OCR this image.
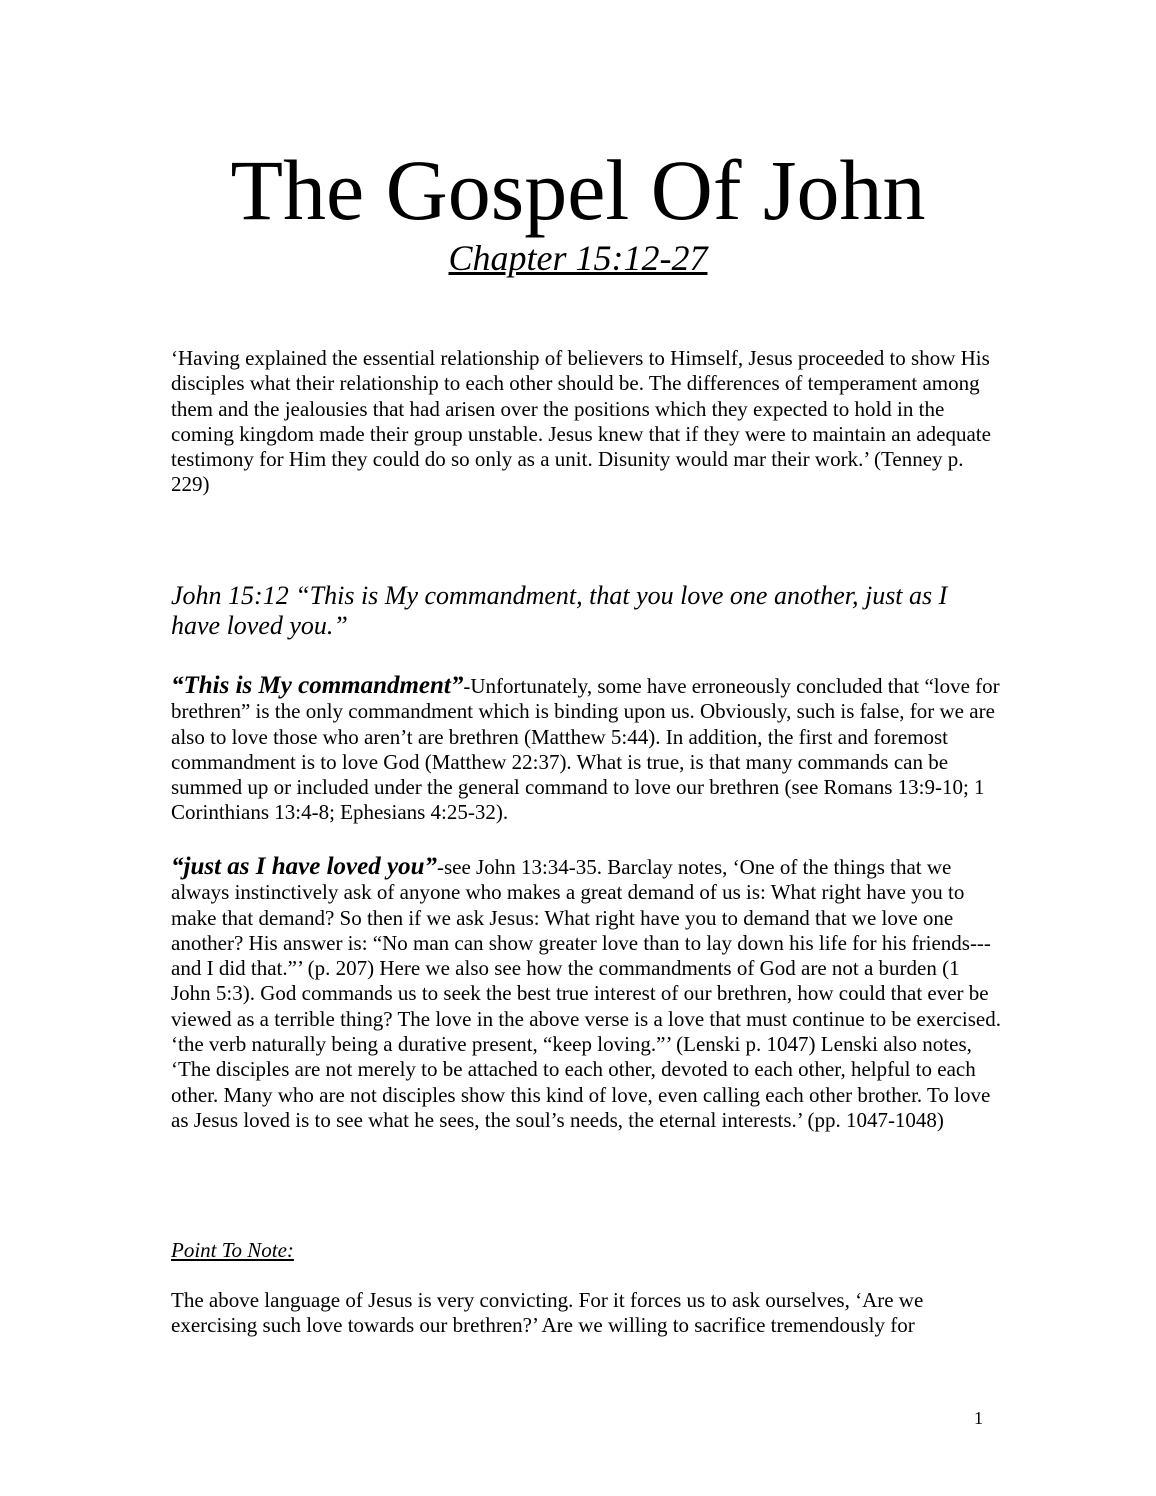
The Gospel Of John
Chapter 15:12-27

‘Having explained the essential relationship of believers to Himself, Jesus proceeded to show His disciples what their relationship to each other should be. The differences of temperament among them and the jealousies that had arisen over the positions which they expected to hold in the coming kingdom made their group unstable. Jesus knew that if they were to maintain an adequate testimony for Him they could do so only as a unit. Disunity would mar their work.’ (Tenney p. 229)

John 15:12 “This is My commandment, that you love one another, just as I have loved you.”

“This is My commandment”-Unfortunately, some have erroneously concluded that “love for brethren” is the only commandment which is binding upon us. Obviously, such is false, for we are also to love those who aren’t are brethren (Matthew 5:44). In addition, the first and foremost commandment is to love God (Matthew 22:37). What is true, is that many commands can be summed up or included under the general command to love our brethren (see Romans 13:9-10; 1 Corinthians 13:4-8; Ephesians 4:25-32).

“just as I have loved you”-see John 13:34-35. Barclay notes, ‘One of the things that we always instinctively ask of anyone who makes a great demand of us is: What right have you to make that demand? So then if we ask Jesus: What right have you to demand that we love one another? His answer is: “No man can show greater love than to lay down his life for his friends---and I did that.”’ (p. 207) Here we also see how the commandments of God are not a burden (1 John 5:3). God commands us to seek the best true interest of our brethren, how could that ever be viewed as a terrible thing? The love in the above verse is a love that must continue to be exercised. ‘the verb naturally being a durative present, “keep loving.”’ (Lenski p. 1047) Lenski also notes, ‘The disciples are not merely to be attached to each other, devoted to each other, helpful to each other. Many who are not disciples show this kind of love, even calling each other brother. To love as Jesus loved is to see what he sees, the soul’s needs, the eternal interests.’ (pp. 1047-1048)

Point To Note:

The above language of Jesus is very convicting. For it forces us to ask ourselves, ‘Are we exercising such love towards our brethren?’ Are we willing to sacrifice tremendously for

1
